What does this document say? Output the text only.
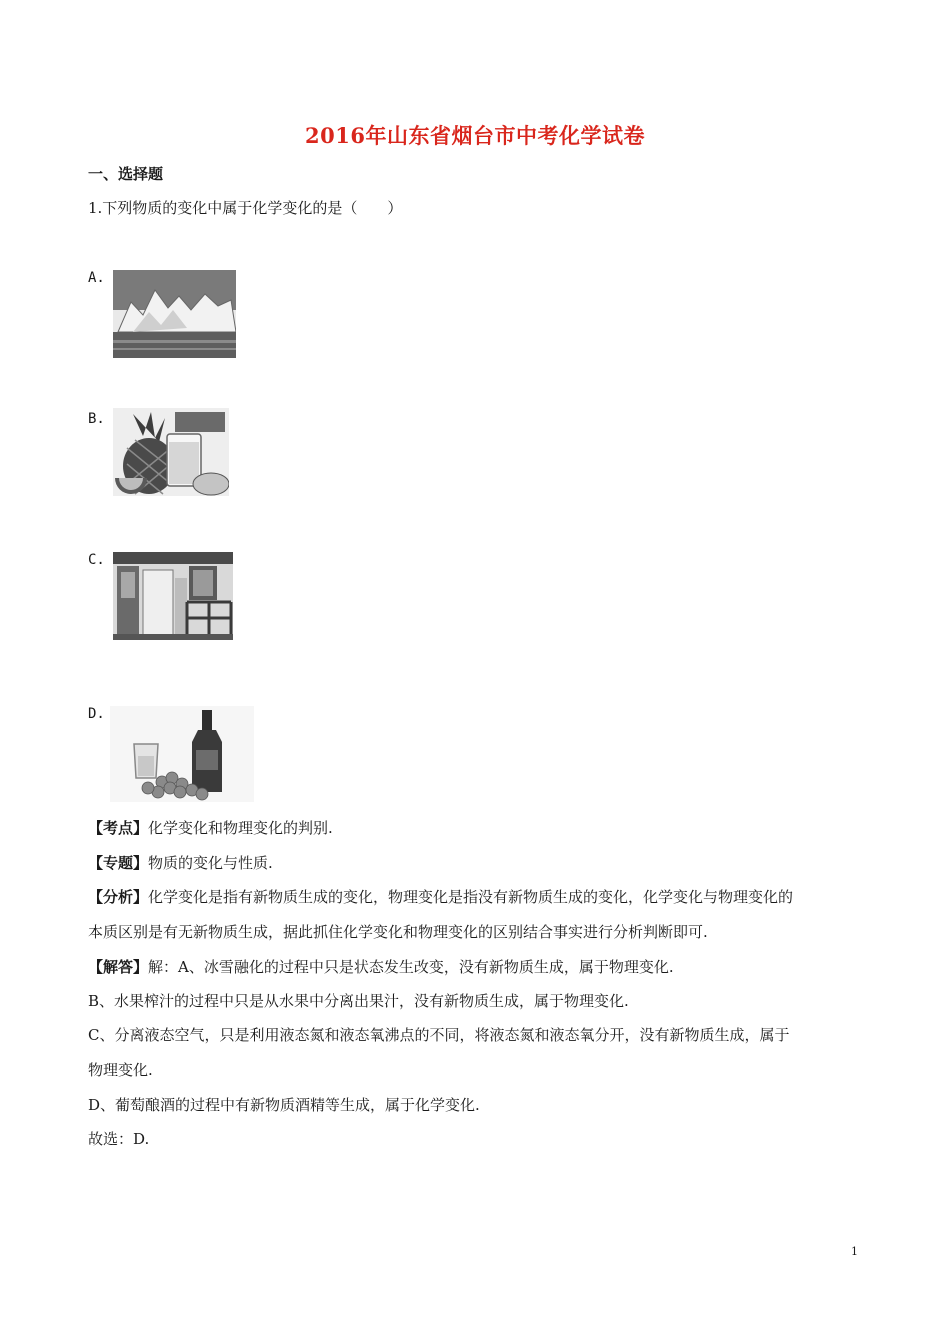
2016年山东省烟台市中考化学试卷
一、选择题
1.下列物质的变化中属于化学变化的是（　　）
A.
B.
C.
D.
【考点】化学变化和物理变化的判别.
【专题】物质的变化与性质.
【分析】化学变化是指有新物质生成的变化，物理变化是指没有新物质生成的变化，化学变化与物理变化的
本质区别是有无新物质生成，据此抓住化学变化和物理变化的区别结合事实进行分析判断即可.
【解答】解：A、冰雪融化的过程中只是状态发生改变，没有新物质生成，属于物理变化.
B、水果榨汁的过程中只是从水果中分离出果汁，没有新物质生成，属于物理变化.
C、分离液态空气，只是利用液态氮和液态氧沸点的不同，将液态氮和液态氧分开，没有新物质生成，属于
物理变化.
D、葡萄酿酒的过程中有新物质酒精等生成，属于化学变化.
故选：D.
1
